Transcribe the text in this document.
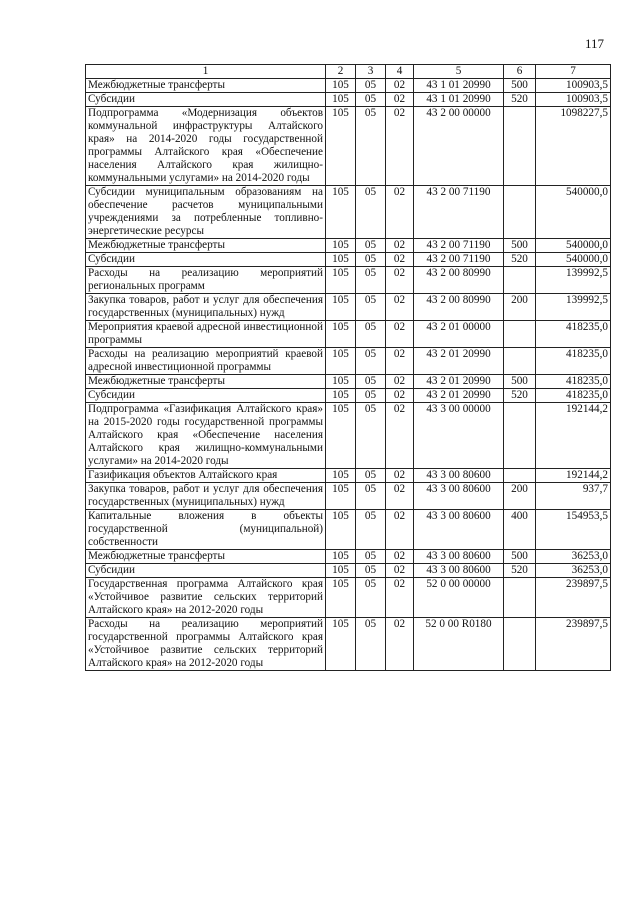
117
1	2	3	4	5	6	7
Межбюджетные трансферты	105	05	02	43 1 01 20990	500	100903,5
Субсидии	105	05	02	43 1 01 20990	520	100903,5
Подпрограмма «Модернизация объектов коммунальной инфраструктуры Алтайского края» на 2014-2020 годы государственной программы Алтайского края «Обеспечение населения Алтайского края жилищно-коммунальными услугами» на 2014-2020 годы	105	05	02	43 2 00 00000		1098227,5
Субсидии муниципальным образованиям на обеспечение расчетов муниципальными учреждениями за потребленные топливно-энергетические ресурсы	105	05	02	43 2 00 71190		540000,0
Межбюджетные трансферты	105	05	02	43 2 00 71190	500	540000,0
Субсидии	105	05	02	43 2 00 71190	520	540000,0
Расходы на реализацию мероприятий региональных программ	105	05	02	43 2 00 80990		139992,5
Закупка товаров, работ и услуг для обеспечения государственных (муниципальных) нужд	105	05	02	43 2 00 80990	200	139992,5
Мероприятия краевой адресной инвестиционной программы	105	05	02	43 2 01 00000		418235,0
Расходы на реализацию мероприятий краевой адресной инвестиционной программы	105	05	02	43 2 01 20990		418235,0
Межбюджетные трансферты	105	05	02	43 2 01 20990	500	418235,0
Субсидии	105	05	02	43 2 01 20990	520	418235,0
Подпрограмма «Газификация Алтайского края» на 2015-2020 годы государственной программы Алтайского края «Обеспечение населения Алтайского края жилищно-коммунальными услугами» на 2014-2020 годы	105	05	02	43 3 00 00000		192144,2
Газификация объектов Алтайского края	105	05	02	43 3 00 80600		192144,2
Закупка товаров, работ и услуг для обеспечения государственных (муниципальных) нужд	105	05	02	43 3 00 80600	200	937,7
Капитальные вложения в объекты государственной (муниципальной) собственности	105	05	02	43 3 00 80600	400	154953,5
Межбюджетные трансферты	105	05	02	43 3 00 80600	500	36253,0
Субсидии	105	05	02	43 3 00 80600	520	36253,0
Государственная программа Алтайского края «Устойчивое развитие сельских территорий Алтайского края» на 2012-2020 годы	105	05	02	52 0 00 00000		239897,5
Расходы на реализацию мероприятий государственной программы Алтайского края «Устойчивое развитие сельских территорий Алтайского края» на 2012-2020 годы	105	05	02	52 0 00 R0180		239897,5
